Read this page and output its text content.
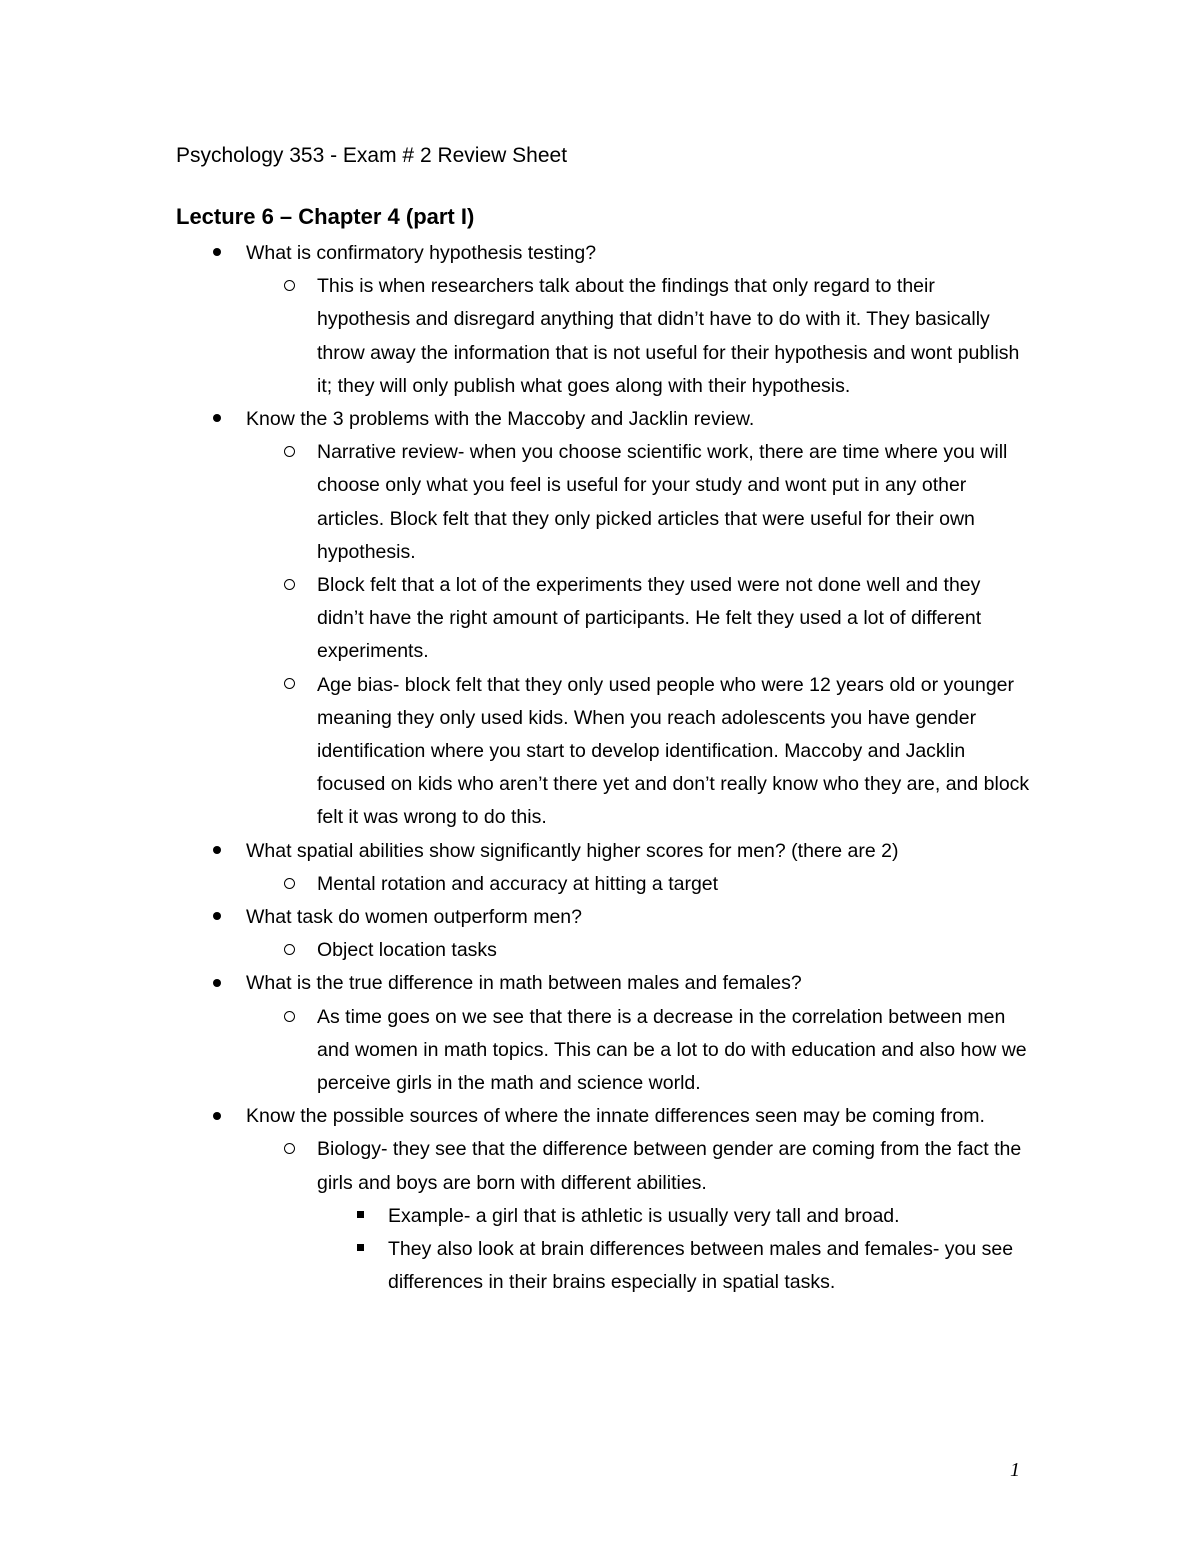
Psychology 353 - Exam # 2 Review Sheet
Lecture 6 – Chapter 4 (part I)
What is confirmatory hypothesis testing?
This is when researchers talk about the findings that only regard to their hypothesis and disregard anything that didn’t have to do with it. They basically throw away the information that is not useful for their hypothesis and wont publish it; they will only publish what goes along with their hypothesis.
Know the 3 problems with the Maccoby and Jacklin review.
Narrative review- when you choose scientific work, there are time where you will choose only what you feel is useful for your study and wont put in any other articles. Block felt that they only picked articles that were useful for their own hypothesis.
Block felt that a lot of the experiments they used were not done well and they didn’t have the right amount of participants. He felt they used a lot of different experiments.
Age bias- block felt that they only used people who were 12 years old or younger meaning they only used kids. When you reach adolescents you have gender identification where you start to develop identification. Maccoby and Jacklin focused on kids who aren’t there yet and don’t really know who they are, and block felt it was wrong to do this.
What spatial abilities show significantly higher scores for men? (there are 2)
Mental rotation and accuracy at hitting a target
What task do women outperform men?
Object location tasks
What is the true difference in math between males and females?
As time goes on we see that there is a decrease in the correlation between men and women in math topics. This can be a lot to do with education and also how we perceive girls in the math and science world.
Know the possible sources of where the innate differences seen may be coming from.
Biology- they see that the difference between gender are coming from the fact the girls and boys are born with different abilities.
Example- a girl that is athletic is usually very tall and broad.
They also look at brain differences between males and females- you see differences in their brains especially in spatial tasks.
1
